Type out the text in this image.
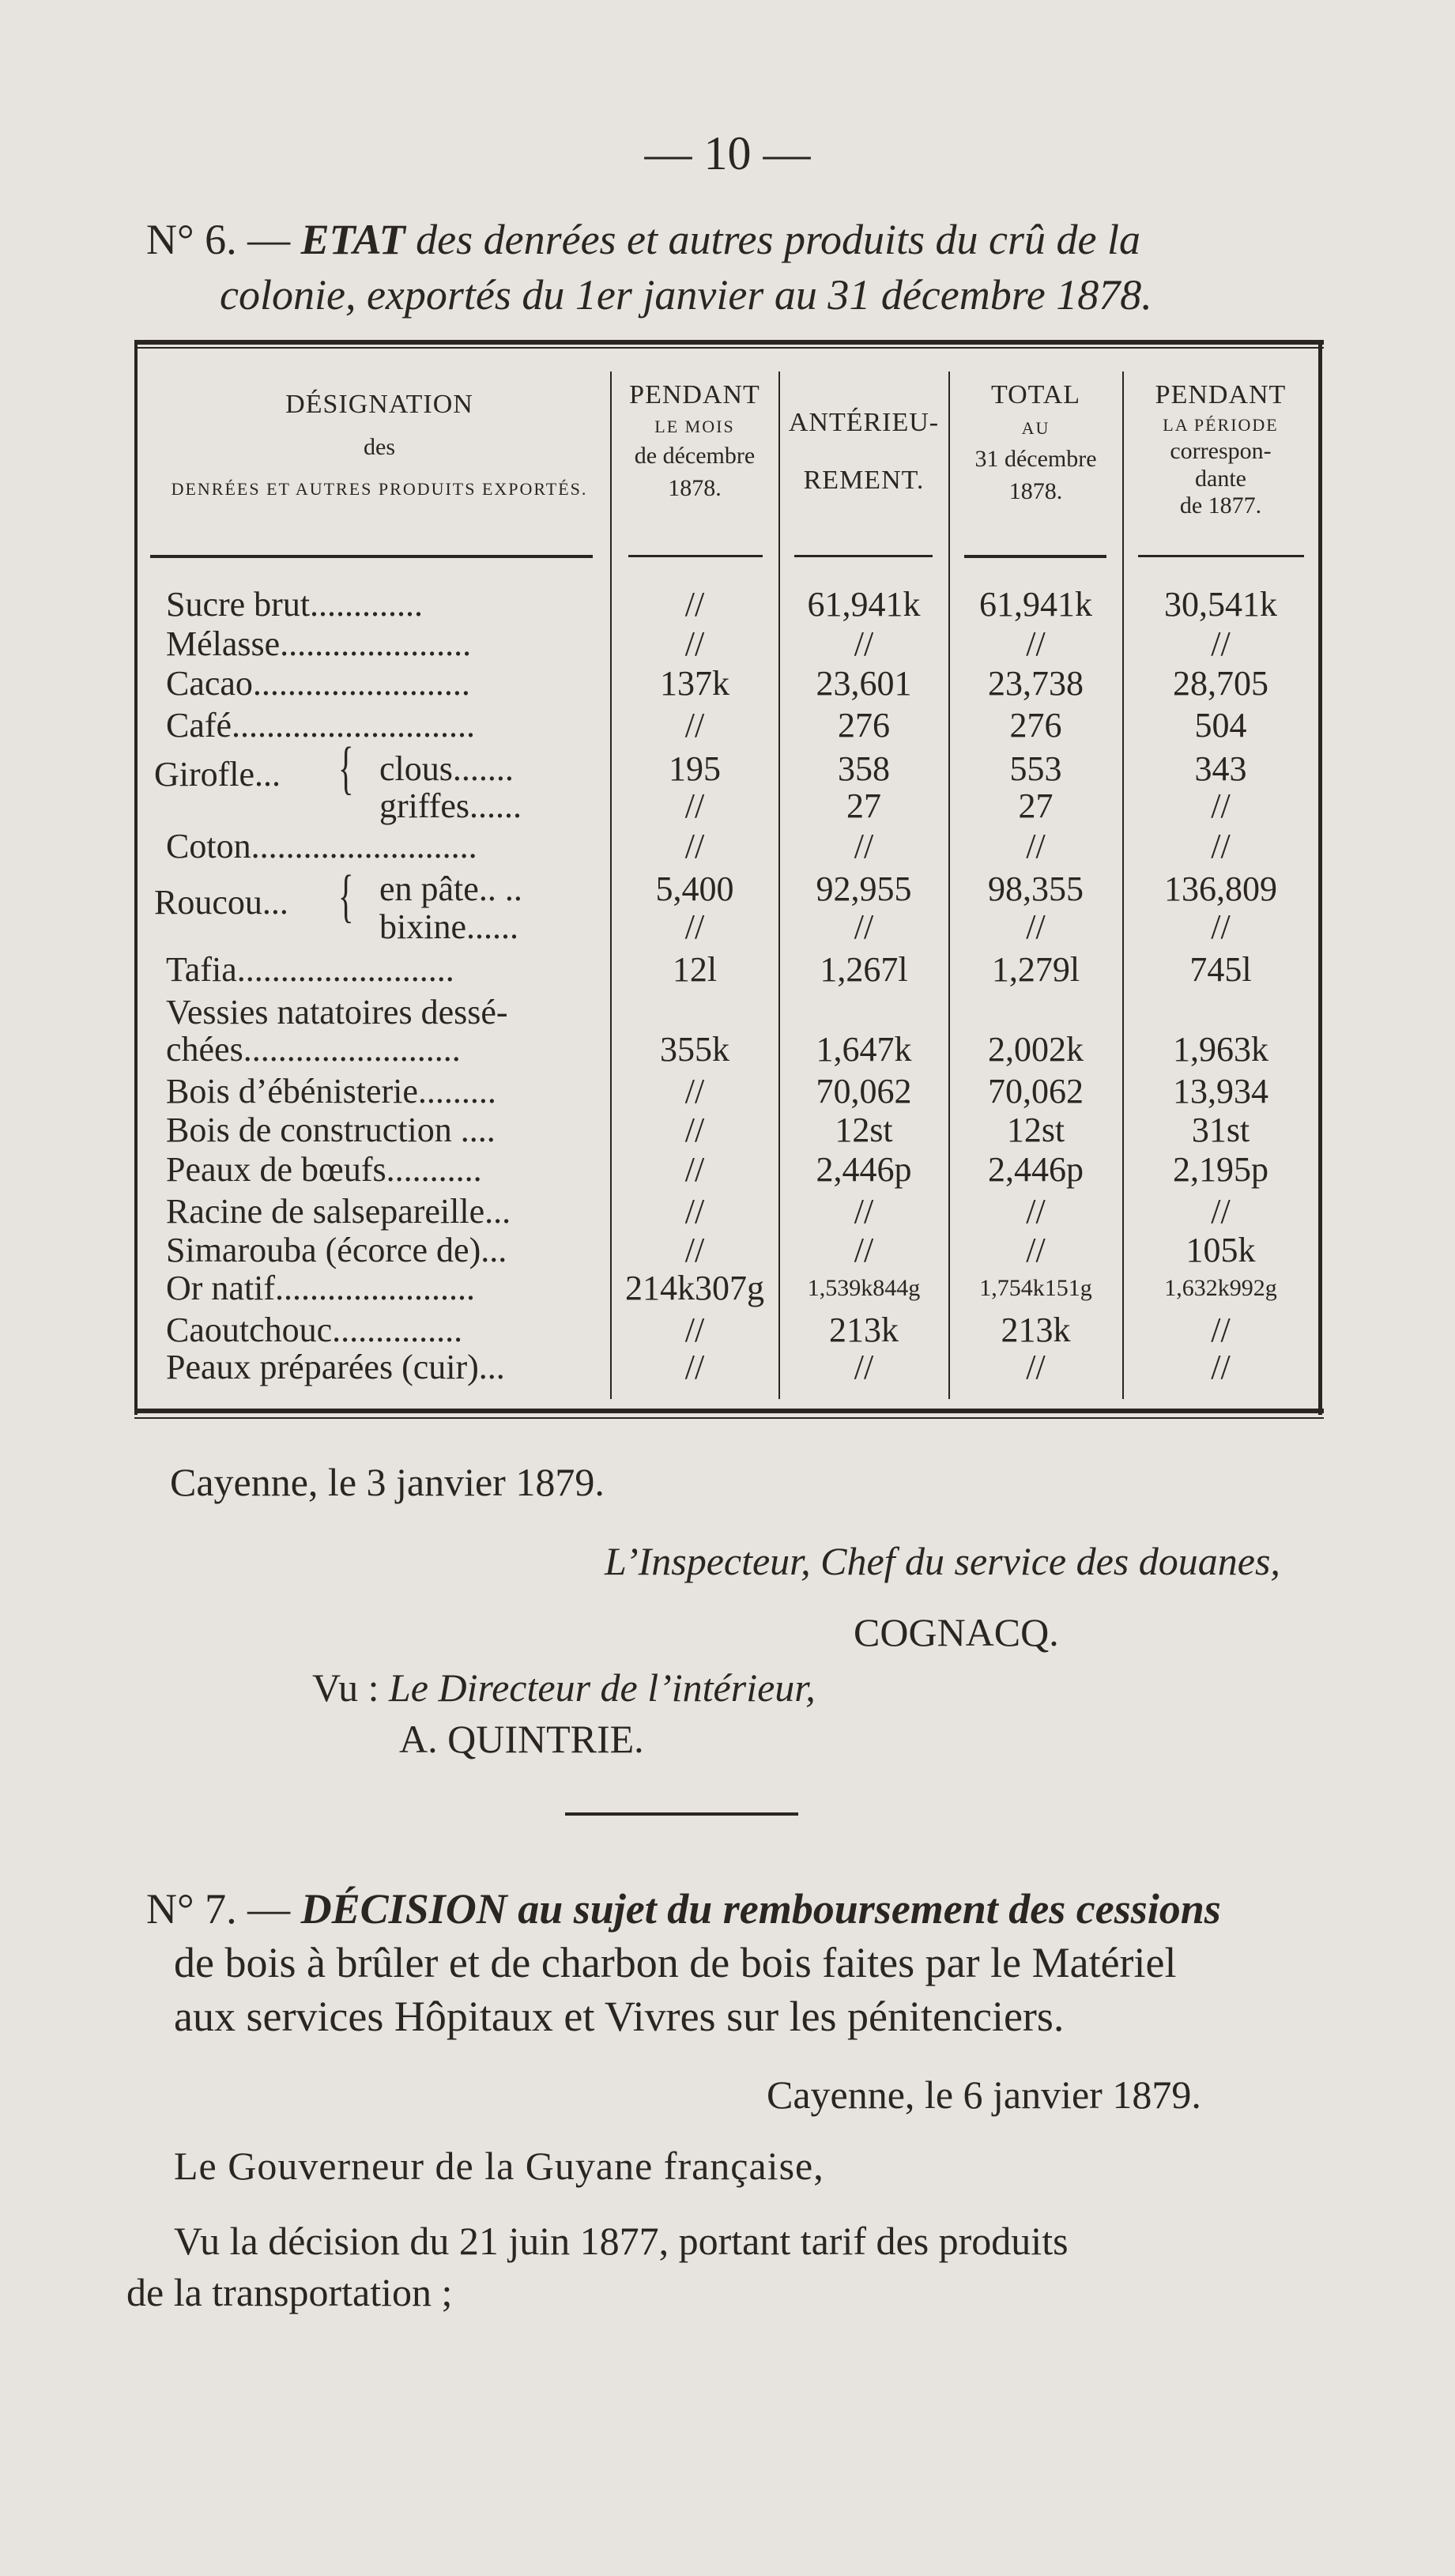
— 10 —
N° 6. — ETAT des denrées et autres produits du crû de la
colonie, exportés du 1er janvier au 31 décembre 1878.
DÉSIGNATION
des
DENRÉES ET AUTRES PRODUITS EXPORTÉS.
PENDANT
LE MOIS
de décembre
1878.
ANTÉRIEU-
REMENT.
TOTAL
AU
31 décembre
1878.
PENDANT
LA PÉRIODE
correspon-
dante
de 1877.
Girofle... {
Roucou... {
Sucre brut.............	//	61,941k	61,941k	30,541k
Mélasse......................	//	//	//	//
Cacao.........................	137k	23,601	23,738	28,705
Café............................	//	276	276	504
clous.......	195	358	553	343
griffes......	//	27	27	//
Coton..........................	//	//	//	//
en pâte.. ..	5,400	92,955	98,355	136,809
bixine......	//	//	//	//
Tafia.........................	12l	1,267l	1,279l	745l
Vessies natatoires dessé-
chées.........................	355k	1,647k	2,002k	1,963k
Bois d’ébénisterie.........	//	70,062	70,062	13,934
Bois de construction ....	//	12st	12st	31st
Peaux de bœufs...........	//	2,446p	2,446p	2,195p
Racine de salsepareille...	//	//	//	//
Simarouba (écorce de)...	//	//	//	105k
Or natif.......................	214k307g	1,539k844g	1,754k151g	1,632k992g
Caoutchouc...............	//	213k	213k	//
Peaux préparées (cuir)...	//	//	//	//
Cayenne, le 3 janvier 1879.
L’Inspecteur, Chef du service des douanes,
COGNACQ.
Vu : Le Directeur de l’intérieur,
A. QUINTRIE.
N° 7. — DÉCISION au sujet du remboursement des cessions
de bois à brûler et de charbon de bois faites par le Matériel
aux services Hôpitaux et Vivres sur les pénitenciers.
Cayenne, le 6 janvier 1879.
Le Gouverneur de la Guyane française,
Vu la décision du 21 juin 1877, portant tarif des produits
de la transportation ;
